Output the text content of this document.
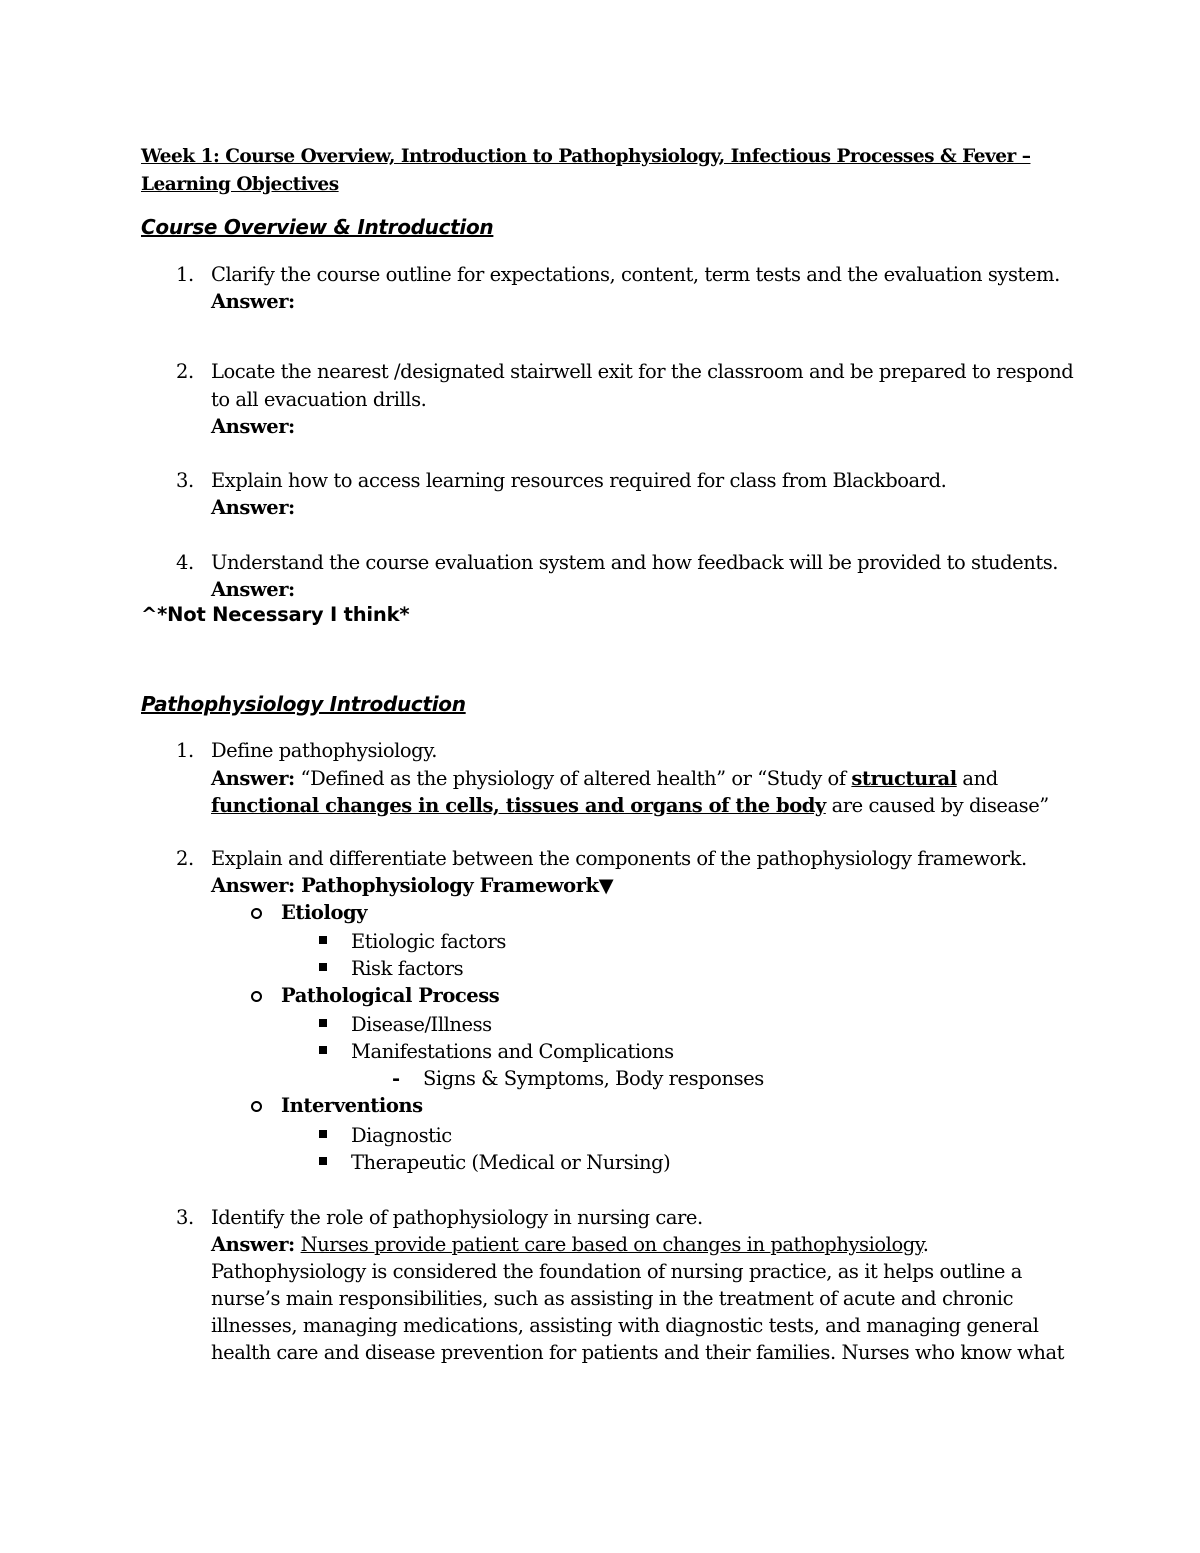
Week 1: Course Overview, Introduction to Pathophysiology, Infectious Processes & Fever –
Learning Objectives
Course Overview & Introduction
1. Clarify the course outline for expectations, content, term tests and the evaluation system.
Answer:
2. Locate the nearest /designated stairwell exit for the classroom and be prepared to respond
to all evacuation drills.
Answer:
3. Explain how to access learning resources required for class from Blackboard.
Answer:
4. Understand the course evaluation system and how feedback will be provided to students.
Answer:
^*Not Necessary I think*
Pathophysiology Introduction
1. Define pathophysiology.
Answer: “Defined as the physiology of altered health” or “Study of structural and
functional changes in cells, tissues and organs of the body are caused by disease”
2. Explain and differentiate between the components of the pathophysiology framework.
Answer: Pathophysiology Framework▼
Etiology
Etiologic factors
Risk factors
Pathological Process
Disease/Illness
Manifestations and Complications
- Signs & Symptoms, Body responses
Interventions
Diagnostic
Therapeutic (Medical or Nursing)
3. Identify the role of pathophysiology in nursing care.
Answer: Nurses provide patient care based on changes in pathophysiology.
Pathophysiology is considered the foundation of nursing practice, as it helps outline a
nurse’s main responsibilities, such as assisting in the treatment of acute and chronic
illnesses, managing medications, assisting with diagnostic tests, and managing general
health care and disease prevention for patients and their families. Nurses who know what
